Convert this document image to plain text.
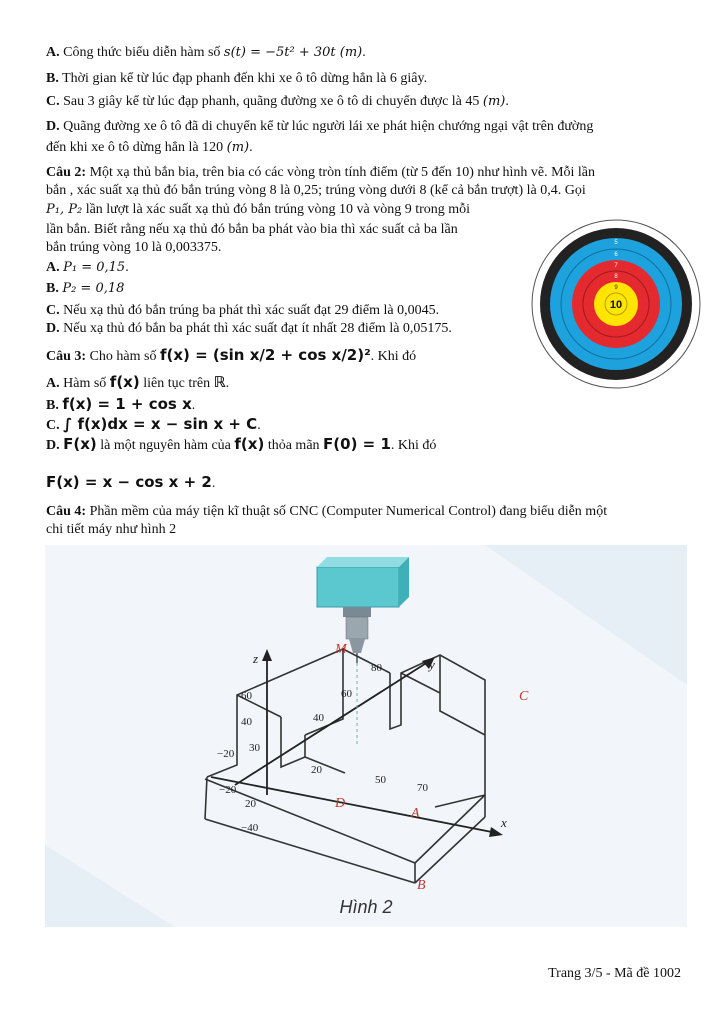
A. Công thức biểu diễn hàm số s(t) = −5t² + 30t (m).

B. Thời gian kể từ lúc đạp phanh đến khi xe ô tô dừng hẳn là 6 giây.

C. Sau 3 giây kể từ lúc đạp phanh, quãng đường xe ô tô di chuyển được là 45 (m).

D. Quãng đường xe ô tô đã di chuyển kể từ lúc người lái xe phát hiện chướng ngại vật trên đường

đến khi xe ô tô dừng hẳn là 120 (m).

Câu 2: Một xạ thủ bắn bia, trên bia có các vòng tròn tính điểm (từ 5 đến 10) như hình vẽ. Mỗi lần

bắn , xác suất xạ thủ đó bắn trúng vòng 8 là 0,25; trúng vòng dưới 8 (kể cả bắn trượt) là 0,4. Gọi

P₁, P₂ lần lượt là xác suất xạ thủ đó bắn trúng vòng 10 và vòng 9 trong mỗi

lần bắn. Biết rằng nếu xạ thủ đó bắn ba phát vào bia thì xác suất cả ba lần

bắn trúng vòng 10 là 0,003375.

A. P₁ = 0,15.

B. P₂ = 0,18

C. Nếu xạ thủ đó bắn trúng ba phát thì xác suất đạt 29 điểm là 0,0045.

D. Nếu xạ thủ đó bắn ba phát thì xác suất đạt ít nhất 28 điểm là 0,05175.

10
9
8
7
6
5

Câu 3: Cho hàm số f(x) = (sin x/2 + cos x/2)². Khi đó

A. Hàm số f(x) liên tục trên ℝ.

B. f(x) = 1 + cos x.

C. ∫ f(x)dx = x − sin x + C.

D. F(x) là một nguyên hàm của f(x) thỏa mãn F(0) = 1. Khi đó

F(x) = x − cos x + 2.

Câu 4: Phần mềm của máy tiện kĩ thuật số CNC (Computer Numerical Control) đang biểu diễn một

chi tiết máy như hình 2

z	y
x
60
40
20
−40
80
60
40
20
50
70
−20
−20
30
M
C
D
A
B
Hình 2
Trang 3/5 - Mã đề 1002
